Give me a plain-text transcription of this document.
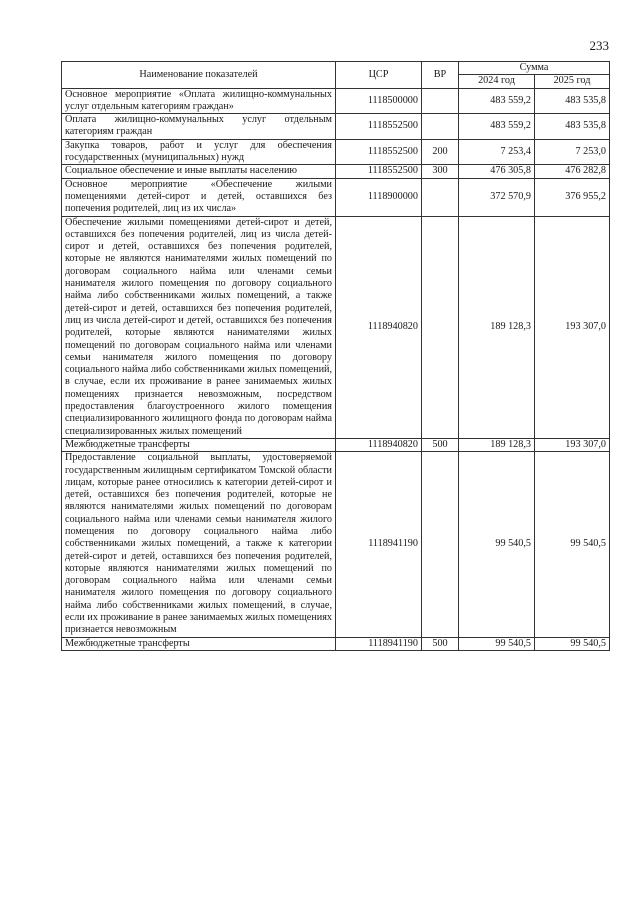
233
Наименование показателей	ЦСР	ВР	Сумма	
			2024 год	2025 год
Основное мероприятие «Оплата жилищно-коммунальных услуг отдельным категориям граждан»	1118500000		483 559,2	483 535,8
Оплата жилищно-коммунальных услуг отдельным категориям граждан	1118552500		483 559,2	483 535,8
Закупка товаров, работ и услуг для обеспечения государственных (муниципальных) нужд	1118552500	200	7 253,4	7 253,0
Социальное обеспечение и иные выплаты населению	1118552500	300	476 305,8	476 282,8
Основное мероприятие «Обеспечение жилыми помещениями детей-сирот и детей, оставшихся без попечения родителей, лиц из их числа»	1118900000		372 570,9	376 955,2
Обеспечение жилыми помещениями детей-сирот и детей, оставшихся без попечения родителей, лиц из числа детей-сирот и детей, оставшихся без попечения родителей, которые не являются нанимателями жилых помещений по договорам социального найма или членами семьи нанимателя жилого помещения по договору социального найма либо собственниками жилых помещений, а также детей-сирот и детей, оставшихся без попечения родителей, лиц из числа детей-сирот и детей, оставшихся без попечения родителей, которые являются нанимателями жилых помещений по договорам социального найма или членами семьи нанимателя жилого помещения по договору социального найма либо собственниками жилых помещений, в случае, если их проживание в ранее занимаемых жилых помещениях признается невозможным, посредством предоставления благоустроенного жилого помещения специализированного жилищного фонда по договорам найма специализированных жилых помещений	1118940820		189 128,3	193 307,0
Межбюджетные трансферты	1118940820	500	189 128,3	193 307,0
Предоставление социальной выплаты, удостоверяемой государственным жилищным сертификатом Томской области лицам, которые ранее относились к категории детей-сирот и детей, оставшихся без попечения родителей, которые не являются нанимателями жилых помещений по договорам социального найма или членами семьи нанимателя жилого помещения по договору социального найма либо собственниками жилых помещений, а также к категории детей-сирот и детей, оставшихся без попечения родителей, которые являются нанимателями жилых помещений по договорам социального найма или членами семьи нанимателя жилого помещения по договору социального найма либо собственниками жилых помещений, в случае, если их проживание в ранее занимаемых жилых помещениях признается невозможным	1118941190		99 540,5	99 540,5
Межбюджетные трансферты	1118941190	500	99 540,5	99 540,5
